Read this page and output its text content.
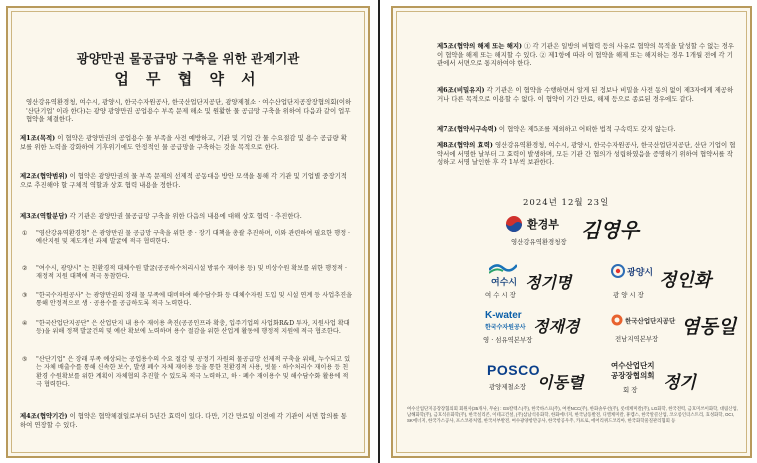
광양만권 물공급망 구축을 위한 관계기관
업 무 협 약 서
영산강유역환경청, 여수시, 광양시, 한국수자원공사, 한국산업단지공단, 광양제철소 · 여수산업단지공장장협의회(이하 '산단기업' 이라 한다)는 광양 광양만권 공업용수 부족 문제 해소 및 원활한 물 공급망 구축을 위하여 다음과 같이 업무협약을 체결한다.
제1조(목적) 이 협약은 광양만권의 공업용수 물 부족을 사전 예방하고, 기관 및 기업 간 물 수요절감 및 용수 공급량 확보를 위한 노력을 강화하여 기후위기에도 안정적인 물 공급망을 구축하는 것을 목적으로 한다.
제2조(협약범위) 이 협약은 광양만권의 물 부족 문제의 선제적 공동대응 방안 모색을 통해 각 기관 및 기업별 중장기적으로 추진해야 할 구체적 역할과 상호 협력 내용을 정한다.
제3조(역할분담) 각 기관은 광양만권 물공급망 구축을 위한 다음의 내용에 대해 상호 협력 · 추진한다.
① "영산강유역환경청" 은 광양만권 물 공급망 구축을 위한 중 · 장기 대책을 총괄 추진하며, 이와 관련하여 필요한 행정 · 예산지원 및 제도개선 과제 발굴에 적극 협력한다.
② "여수시, 광양시" 는 친환경적 대체수원 발굴(공공하수처리시설 방류수 재이용 등) 및 비상수원 확보를 위한 행정적 · 재정적 지원 대책에 적극 동참한다.
③ "한국수자원공사" 는 광양만권의 장래 물 부족에 대비하여 해수담수화 등 대체수자원 도입 및 시설 연계 등 사업추진을 통해 안정적으로 생 · 공용수를 공급하도록 적극 노력한다.
④ "한국산업단지공단" 은 산업단지 내 용수 재이용 촉진(공공인프라 확충, 입주기업의 사업화R&D 투자, 지원사업 확대 등)을 위해 정책 발굴건의 및 예산 확보에 노력하며 용수 절감을 위한 산업계 활동에 행정적 지원에 적극 협조한다.
⑤ "산단기업" 은 장래 부족 예상되는 공업용수의 수요 절감 및 공정기 자원의 물공급망 선제적 구축을 위해, 누수되고 있는 자체 배출수를 통해 신속한 보수, 발생 폐수 자체 재이용 등을 통한 친환경적 사용, 빗물 · 하수처리수 재이용 등 친환경 수원확보를 위한 계획이 자체협의 추진할 수 있도록 적극 노력하고, 하 · 폐수 재이용수 및 해수담수화 활용에 적극 협력한다.
제4조(협약기간) 이 협약은 협약체결일로부터 5년간 효력이 있다. 다만, 기간 만료일 이전에 각 기관이 서면 합의를 통하여 연장할 수 있다.
제5조(협약의 해제 또는 해지) ① 각 기관은 일방의 비협력 등의 사유로 협약의 목적을 달성할 수 없는 경우 이 협약을 해제 또는 해지할 수 있다. ② 제1항에 따라 이 협약을 해제 또는 해지하는 경우 1개월 전에 각 기관에서 서면으로 통지하여야 한다.
제6조(비밀유지) 각 기관은 이 협약을 수행하면서 알게 된 정보나 비밀을 사전 동의 없이 제3자에게 제공하거나 다른 목적으로 이용할 수 없다. 이 협약이 기간 만료, 해제 등으로 종료된 경우에도 같다.
제7조(협약서구속력) 이 협약은 제5조를 제외하고 어떠한 법적 구속력도 갖지 않는다.
제8조(협약의 효력) 영산강유역환경청, 여수시, 광양시, 한국수자원공사, 한국산업단지공단, 산단 기업이 협약서에 서명한 날부터 그 효력이 발생하며, 모든 기관 간 협의가 성립하였음을 증명하기 위하여 협약서를 작성하고 서명 날인한 후 각 1부씩 보관한다.
2024년 12월 23일
환경부
영산강유역환경청장 김영우
여수시
여 수 시 장
정기명
광양시
광 양 시 장
정인화
K-water
한국수자원공사
영 · 섬유역본부장
정재경	한국산업단지공단
전남지역본부장
염동일
POSCO
광양제철소장 이동렬
여수산업단지
공장장협의회
회 장 정기
여수산업단지공장장협의회 회원사(35개사, 무순) : GS칼텍스(주), 한국바스프(주), 여천NCC(주), 한화솔루션(주), 롯데케미칼(주), LG화학, 한국전력, 금호미쓰이화학, 대림산업, 남해화학(주), 금호석유화학(주), 한국실리콘, 이테크건설, (주)삼남석유화학, 한화에너지, 한국남동발전, 디엘케미칼, 휴켐스, 한국알콜산업, 코오롱인더스트리, 효성화학, OCI, SK에너지, 한국가스공사, 포스코퓨처엠, 한국서부발전, 여수광양항만공사, 한국항공우주, 카프로, 에어리퀴드코리아, 한국화학물질관리협회 등
